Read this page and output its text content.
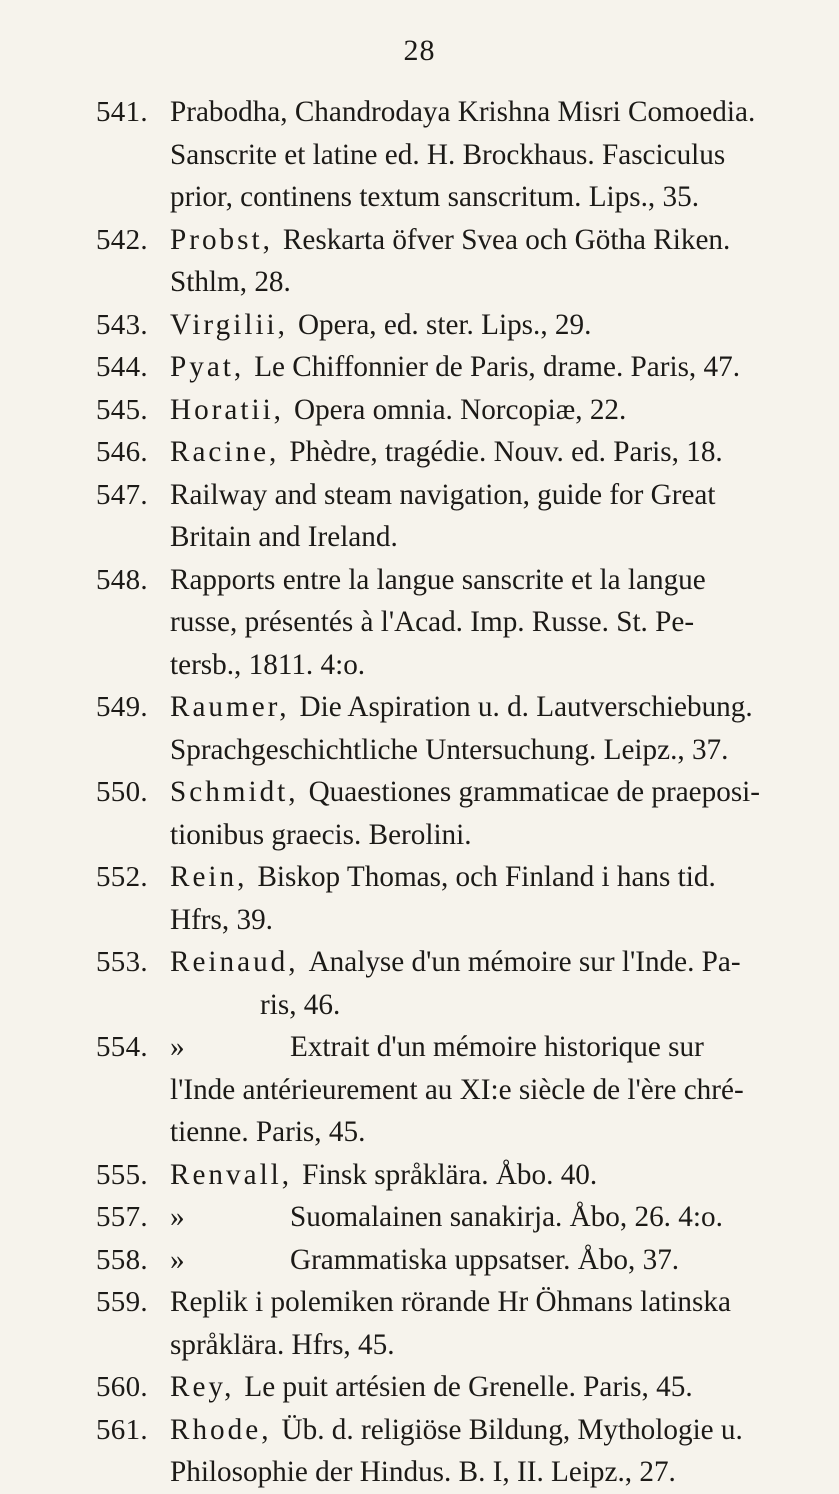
28
541. Prabodha, Chandrodaya Krishna Misri Comoedia.
Sanscrite et latine ed. H. Brockhaus. Fasciculus
prior, continens textum sanscritum. Lips., 35.
542. Probst, Reskarta öfver Svea och Götha Riken.
Sthlm, 28.
543. Virgilii, Opera, ed. ster. Lips., 29.
544. Pyat, Le Chiffonnier de Paris, drame. Paris, 47.
545. Horatii, Opera omnia. Norcopiæ, 22.
546. Racine, Phèdre, tragédie. Nouv. ed. Paris, 18.
547. Railway and steam navigation, guide for Great
Britain and Ireland.
548. Rapports entre la langue sanscrite et la langue
russe, présentés à l'Acad. Imp. Russe. St. Pe-
tersb., 1811. 4:o.
549. Raumer, Die Aspiration u. d. Lautverschiebung.
Sprachgeschichtliche Untersuchung. Leipz., 37.
550. Schmidt, Quaestiones grammaticae de praeposi-
tionibus graecis. Berolini.
552. Rein, Biskop Thomas, och Finland i hans tid.
Hfrs, 39.
553. Reinaud, Analyse d'un mémoire sur l'Inde. Pa-
ris, 46.
554. »	Extrait d'un mémoire historique sur
l'Inde antérieurement au XI:e siècle de l'ère chré-
tienne. Paris, 45.
555. Renvall, Finsk språklära. Åbo. 40.
557. »	Suomalainen sanakirja. Åbo, 26. 4:o.
558. »	Grammatiska uppsatser. Åbo, 37.
559. Replik i polemiken rörande Hr Öhmans latinska
språklära. Hfrs, 45.
560. Rey, Le puit artésien de Grenelle. Paris, 45.
561. Rhode, Üb. d. religiöse Bildung, Mythologie u.
Philosophie der Hindus. B. I, II. Leipz., 27.
